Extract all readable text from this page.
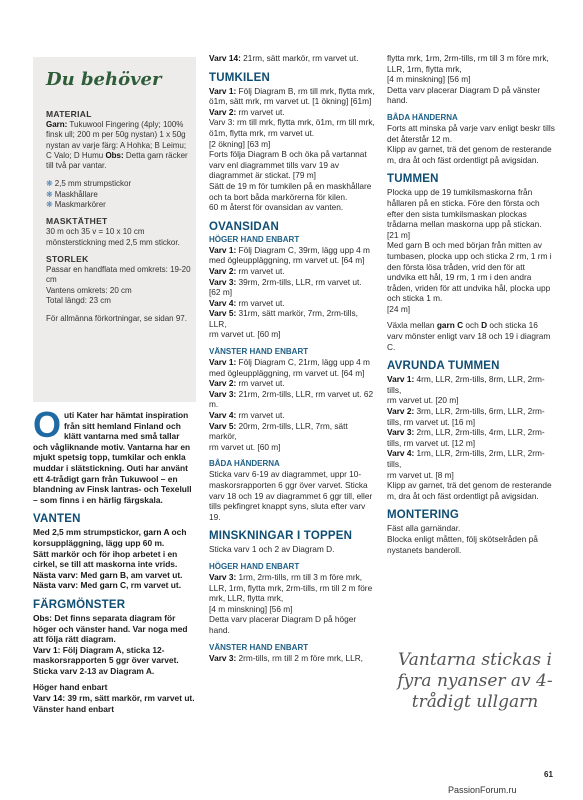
Du behöver
MATERIAL

Garn: Tukuwool Fingering (4ply; 100% finsk ull; 200 m per 50g nystan) 1 x 50g nystan av varje färg: A Hohka; B Leimu; C Valo; D Humu Obs: Detta garn räcker till två par vantar.

❋ 2,5 mm strumpstickor

❋ Maskhållare

❋ Maskmarkörer

MASKTÄTHET

30 m och 35 v = 10 x 10 cm mönsterstickning med 2,5 mm stickor.

STORLEK

Passar en handflata med omkrets: 19-20 cm

Vantens omkrets: 20 cm

Total längd: 23 cm

För allmänna förkortningar, se sidan 97.

Outi Kater har hämtat inspiration från sitt hemland Finland och klätt vantarna med små tallar och vågliknande motiv. Vantarna har en mjukt spetsig topp, tumkilar och enkla muddar i slätstickning. Outi har använt ett 4-trådigt garn från Tukuwool – en blandning av Finsk lantras- och Texelull – som finns i en härlig färgskala.

VANTEN

Med 2,5 mm strumpstickor, garn A och korsuppläggning, lägg upp 60 m.

Sätt markör och för ihop arbetet i en cirkel, se till att maskorna inte vrids.

Nästa varv: Med garn B, am varvet ut.

Nästa varv: Med garn C, rm varvet ut.

FÄRGMÖNSTER

Obs: Det finns separata diagram för höger och vänster hand. Var noga med att följa rätt diagram.

Varv 1: Följ Diagram A, sticka 12-maskorsrapporten 5 ggr över varvet.

Sticka varv 2-13 av Diagram A.

Höger hand enbart

Varv 14: 39 rm, sätt markör, rm varvet ut.

Vänster hand enbart

Varv 14: 21rm, sätt markör, rm varvet ut.

TUMKILEN

Varv 1: Följ Diagram B, rm till mrk, flytta mrk, ö1m, sätt mrk, rm varvet ut. [1 ökning] [61m]

Varv 2: rm varvet ut.

Varv 3: rm till mrk, flytta mrk, ö1m, rm till mrk, ö1m, flytta mrk, rm varvet ut.

[2 ökning] [63 m]

Forts följa Diagram B och öka på vartannat varv enl diagrammet tills varv 19 av diagrammet är stickat. [79 m]

Sätt de 19 m för tumkilen på en maskhållare och ta bort båda markörerna för kilen.

60 m återst för ovansidan av vanten.

OVANSIDAN
HÖGER HAND ENBART

Varv 1: Följ Diagram C, 39rm, lägg upp 4 m med ögleuppläggning, rm varvet ut. [64 m]

Varv 2: rm varvet ut.

Varv 3: 39rm, 2rm-tills, LLR, rm varvet ut. [62 m]

Varv 4: rm varvet ut.

Varv 5: 31rm, sätt markör, 7rm, 2rm-tills, LLR,

rm varvet ut. [60 m]

VÄNSTER HAND ENBART

Varv 1: Följ Diagram C, 21rm, lägg upp 4 m med ögleuppläggning, rm varvet ut. [64 m]

Varv 2: rm varvet ut.

Varv 3: 21rm, 2rm-tills, LLR, rm varvet ut. 62 m.

Varv 4: rm varvet ut.

Varv 5: 20rm, 2rm-tills, LLR, 7rm, sätt markör,

rm varvet ut. [60 m]

BÅDA HÄNDERNA

Sticka varv 6-19 av diagrammet, uppr 10-maskorsrapporten 6 ggr över varvet. Sticka varv 18 och 19 av diagrammet 6 ggr till, eller tills pekfingret knappt syns, sluta efter varv 19.

MINSKNINGAR I TOPPEN

Sticka varv 1 och 2 av Diagram D.

HÖGER HAND ENBART

Varv 3: 1rm, 2rm-tills, rm till 3 m före mrk, LLR, 1rm, flytta mrk, 2rm-tills, rm till 2 m före mrk, LLR, flytta mrk,

[4 m minskning] [56 m]

Detta varv placerar Diagram D på höger hand.

VÄNSTER HAND ENBART

Varv 3: 2rm-tills, rm till 2 m före mrk, LLR,

flytta mrk, 1rm, 2rm-tills, rm till 3 m före mrk, LLR, 1rm, flytta mrk,

[4 m minskning] [56 m]

Detta varv placerar Diagram D på vänster hand.

BÅDA HÄNDERNA

Forts att minska på varje varv enligt beskr tills det återstår 12 m.

Klipp av garnet, trä det genom de resterande m, dra åt och fäst ordentligt på avigsidan.

TUMMEN

Plocka upp de 19 tumkilsmaskorna från hållaren på en sticka. Före den första och efter den sista tumkilsmaskan plockas trådarna mellan maskorna upp på stickan.

[21 m]

Med garn B och med början från mitten av tumbasen, plocka upp och sticka 2 rm, 1 rm i den första lösa tråden, vrid den för att undvika ett hål, 19 rm, 1 rm i den andra tråden, vriden för att undvika hål, plocka upp och sticka 1 m.

[24 m]

Växla mellan garn C och D och sticka 16 varv mönster enligt varv 18 och 19 i diagram C.

AVRUNDA TUMMEN

Varv 1: 4rm, LLR, 2rm-tills, 8rm, LLR, 2rm-tills,

rm varvet ut. [20 m]

Varv 2: 3rm, LLR, 2rm-tills, 6rm, LLR, 2rm-tills, rm varvet ut. [16 m]

Varv 3: 2rm, LLR, 2rm-tills, 4rm, LLR, 2rm-tills, rm varvet ut. [12 m]

Varv 4: 1rm, LLR, 2rm-tills, 2rm, LLR, 2rm-tills,

rm varvet ut. [8 m]

Klipp av garnet, trä det genom de resterande m, dra åt och fäst ordentligt på avigsidan.

MONTERING

Fäst alla garnändar.

Blocka enligt måtten, följ skötselråden på nystanets banderoll.

Vantarna stickas i fyra nyanser av 4-trådigt ullgarn
61
PassionForum.ru
